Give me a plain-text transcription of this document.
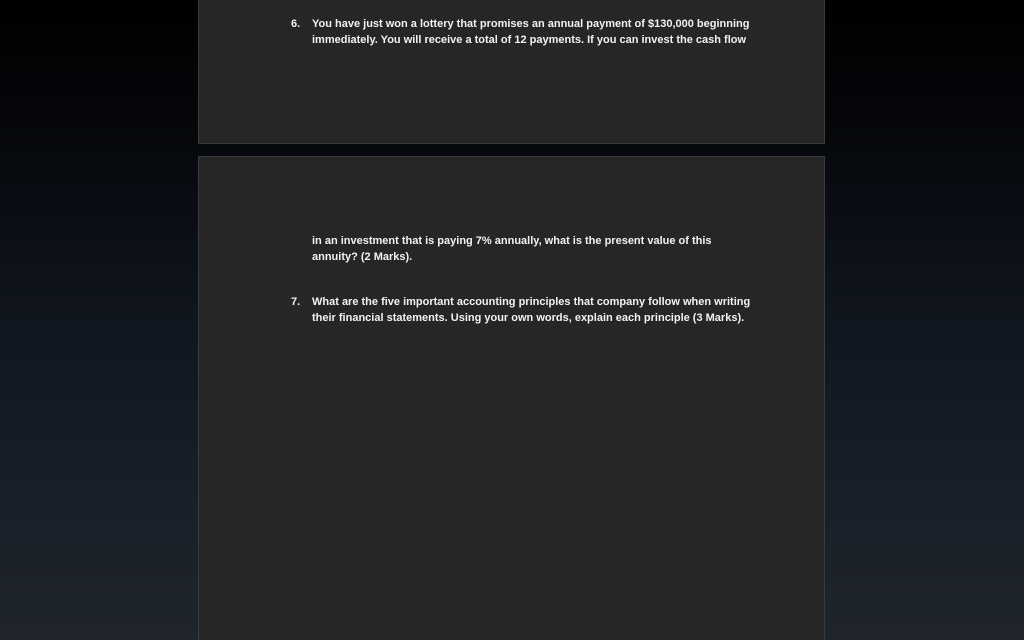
6.	You have just won a lottery that promises an annual payment of $130,000 beginning
immediately. You will receive a total of 12 payments. If you can invest the cash flow
in an investment that is paying 7% annually, what is the present value of this
annuity? (2 Marks).
7.	What are the five important accounting principles that company follow when writing
their financial statements. Using your own words, explain each principle (3 Marks).
